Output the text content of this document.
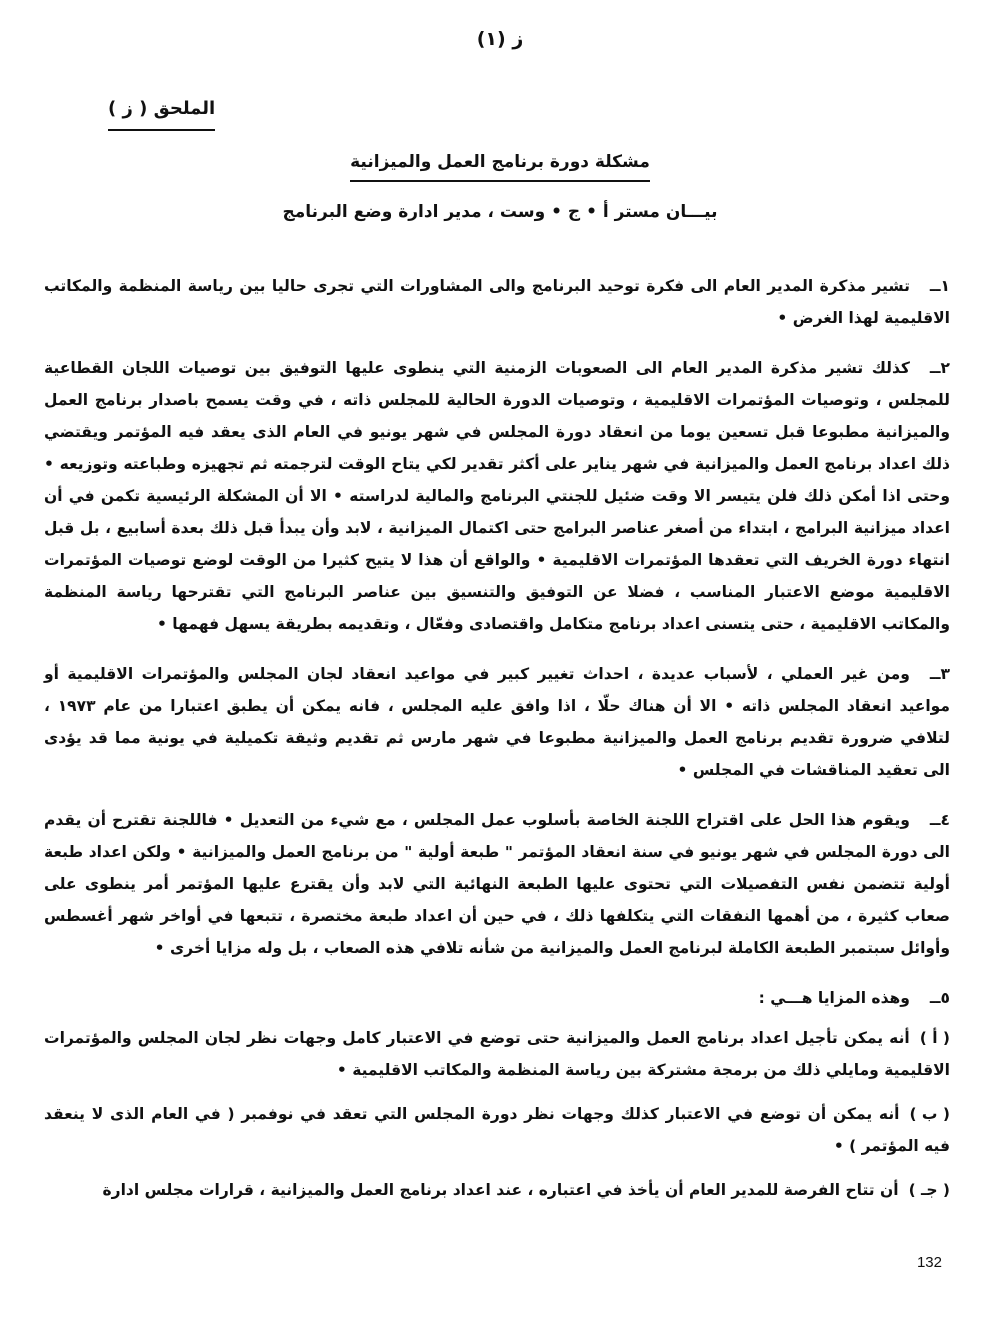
ز (١)
الملحق ( ز )
مشكلة دورة برنامج العمل والميزانية
بيـــان مستر أ • ج • وست ، مدير ادارة وضع البرنامج

١ــتشير مذكرة المدير العام الى فكرة توحيد البرنامج والى المشاورات التي تجرى حاليا بين رياسة المنظمة والمكاتب الاقليمية لهذا الغرض •

٢ــكذلك تشير مذكرة المدير العام الى الصعوبات الزمنية التي ينطوى عليها التوفيق بين توصيات اللجان القطاعية للمجلس ، وتوصيات المؤتمرات الاقليمية ، وتوصيات الدورة الحالية للمجلس ذاته ، في وقت يسمح باصدار برنامج العمل والميزانية مطبوعا قبل تسعين يوما من انعقاد دورة المجلس في شهر يونيو في العام الذى يعقد فيه المؤتمر ويقتضي ذلك اعداد برنامج العمل والميزانية في شهر يناير على أكثر تقدير لكي يتاح الوقت لترجمته ثم تجهيزه وطباعته وتوزيعه • وحتى اذا أمكن ذلك فلن يتيسر الا وقت ضئيل للجنتي البرنامج والمالية لدراسته • الا أن المشكلة الرئيسية تكمن في أن اعداد ميزانية البرامج ، ابتداء من أصغر عناصر البرامج حتى اكتمال الميزانية ، لابد وأن يبدأ قبل ذلك بعدة أسابيع ، بل قبل انتهاء دورة الخريف التي تعقدها المؤتمرات الاقليمية • والواقع أن هذا لا يتيح كثيرا من الوقت لوضع توصيات المؤتمرات الاقليمية موضع الاعتبار المناسب ، فضلا عن التوفيق والتنسيق بين عناصر البرنامج التي تقترحها رياسة المنظمة والمكاتب الاقليمية ، حتى يتسنى اعداد برنامج متكامل واقتصادى وفعّال ، وتقديمه بطريقة يسهل فهمها •

٣ــومن غير العملي ، لأسباب عديدة ، احداث تغيير كبير في مواعيد انعقاد لجان المجلس والمؤتمرات الاقليمية أو مواعيد انعقاد المجلس ذاته • الا أن هناك حلّا ، اذا وافق عليه المجلس ، فانه يمكن أن يطبق اعتبارا من عام ١٩٧٣ ، لتلافي ضرورة تقديم برنامج العمل والميزانية مطبوعا في شهر مارس ثم تقديم وثيقة تكميلية في يونية مما قد يؤدى الى تعقيد المناقشات في المجلس •

٤ــويقوم هذا الحل على اقتراح اللجنة الخاصة بأسلوب عمل المجلس ، مع شيء من التعديل • فاللجنة تقترح أن يقدم الى دورة المجلس في شهر يونيو في سنة انعقاد المؤتمر " طبعة أولية " من برنامج العمل والميزانية • ولكن اعداد طبعة أولية تتضمن نفس التفصيلات التي تحتوى عليها الطبعة النهائية التي لابد وأن يقترع عليها المؤتمر أمر ينطوى على صعاب كثيرة ، من أهمها النفقات التي يتكلفها ذلك ، في حين أن اعداد طبعة مختصرة ، تتبعها في أواخر شهر أغسطس وأوائل سبتمبر الطبعة الكاملة لبرنامج العمل والميزانية من شأنه تلافي هذه الصعاب ، بل وله مزايا أخرى •

٥ــوهذه المزايا هـــي :

( أ )أنه يمكن تأجيل اعداد برنامج العمل والميزانية حتى توضع في الاعتبار كامل وجهات نظر لجان المجلس والمؤتمرات الاقليمية ومايلي ذلك من برمجة مشتركة بين رياسة المنظمة والمكاتب الاقليمية •
( ب )أنه يمكن أن توضع في الاعتبار كذلك وجهات نظر دورة المجلس التي تعقد في نوفمبر ( في العام الذى لا ينعقد فيه المؤتمر ) •
( جـ )أن تتاح الفرصة للمدير العام أن يأخذ في اعتباره ، عند اعداد برنامج العمل والميزانية ، قرارات مجلس ادارة
132
